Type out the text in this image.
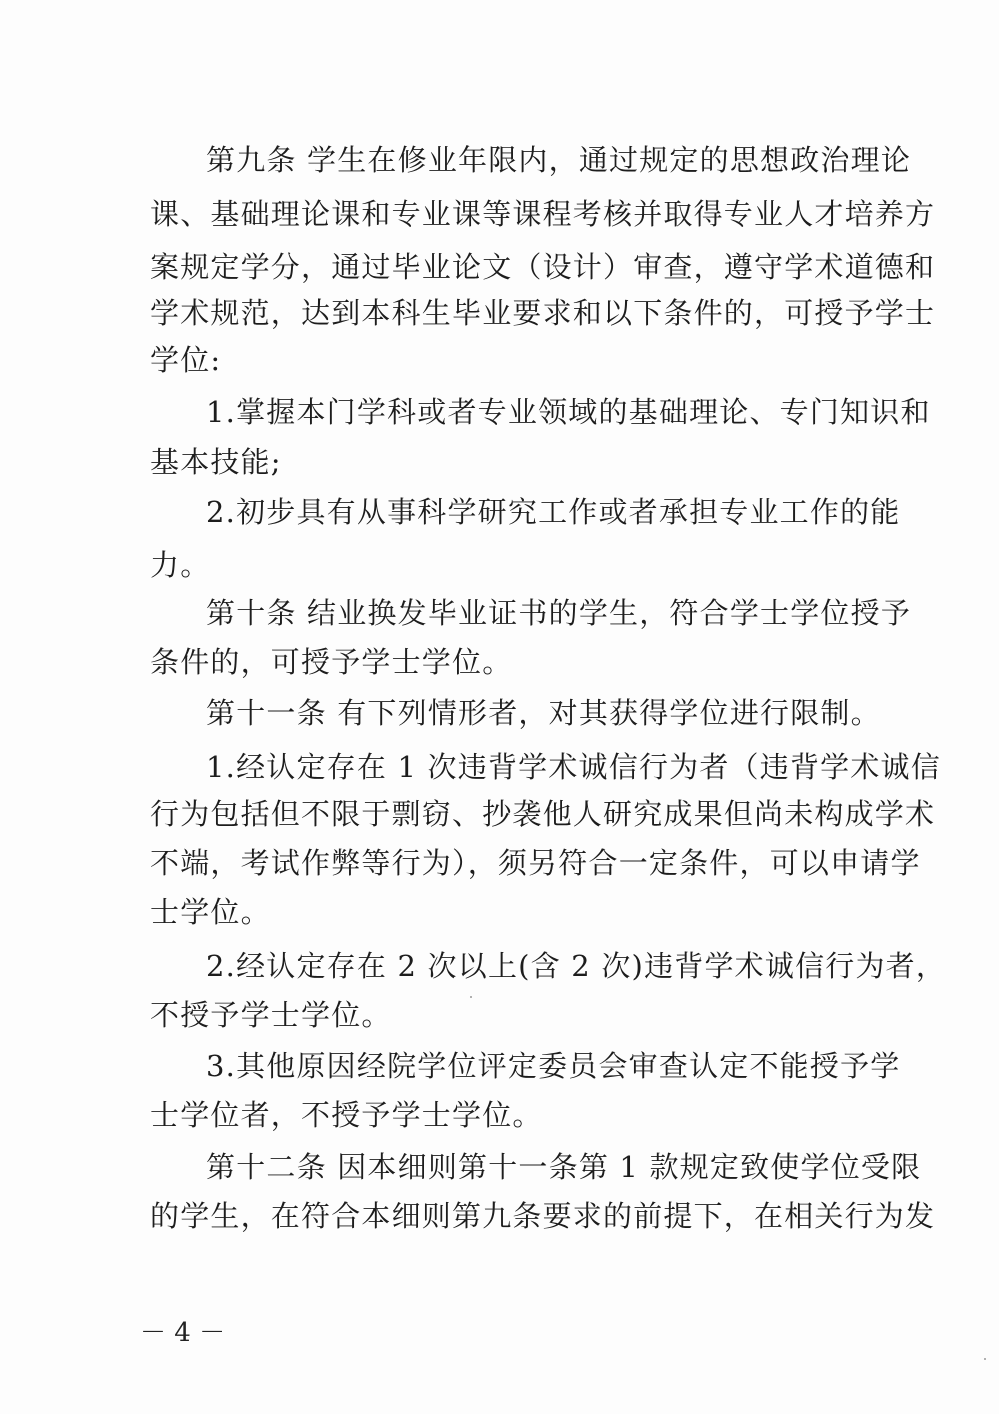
第九条 学生在修业年限内，通过规定的思想政治理论
课、基础理论课和专业课等课程考核并取得专业人才培养方
案规定学分，通过毕业论文（设计）审查，遵守学术道德和
学术规范，达到本科生毕业要求和以下条件的，可授予学士
学位:
1.掌握本门学科或者专业领域的基础理论、专门知识和
基本技能;
2.初步具有从事科学研究工作或者承担专业工作的能
力。
第十条 结业换发毕业证书的学生，符合学士学位授予
条件的，可授予学士学位。
第十一条 有下列情形者，对其获得学位进行限制。
1.经认定存在 1 次违背学术诚信行为者（违背学术诚信
行为包括但不限于剽窃、抄袭他人研究成果但尚未构成学术
不端，考试作弊等行为），须另符合一定条件，可以申请学
士学位。
2.经认定存在 2 次以上(含 2 次)违背学术诚信行为者，
不授予学士学位。
3.其他原因经院学位评定委员会审查认定不能授予学
士学位者，不授予学士学位。
第十二条 因本细则第十一条第 1 款规定致使学位受限
的学生，在符合本细则第九条要求的前提下，在相关行为发
－ 4 －
